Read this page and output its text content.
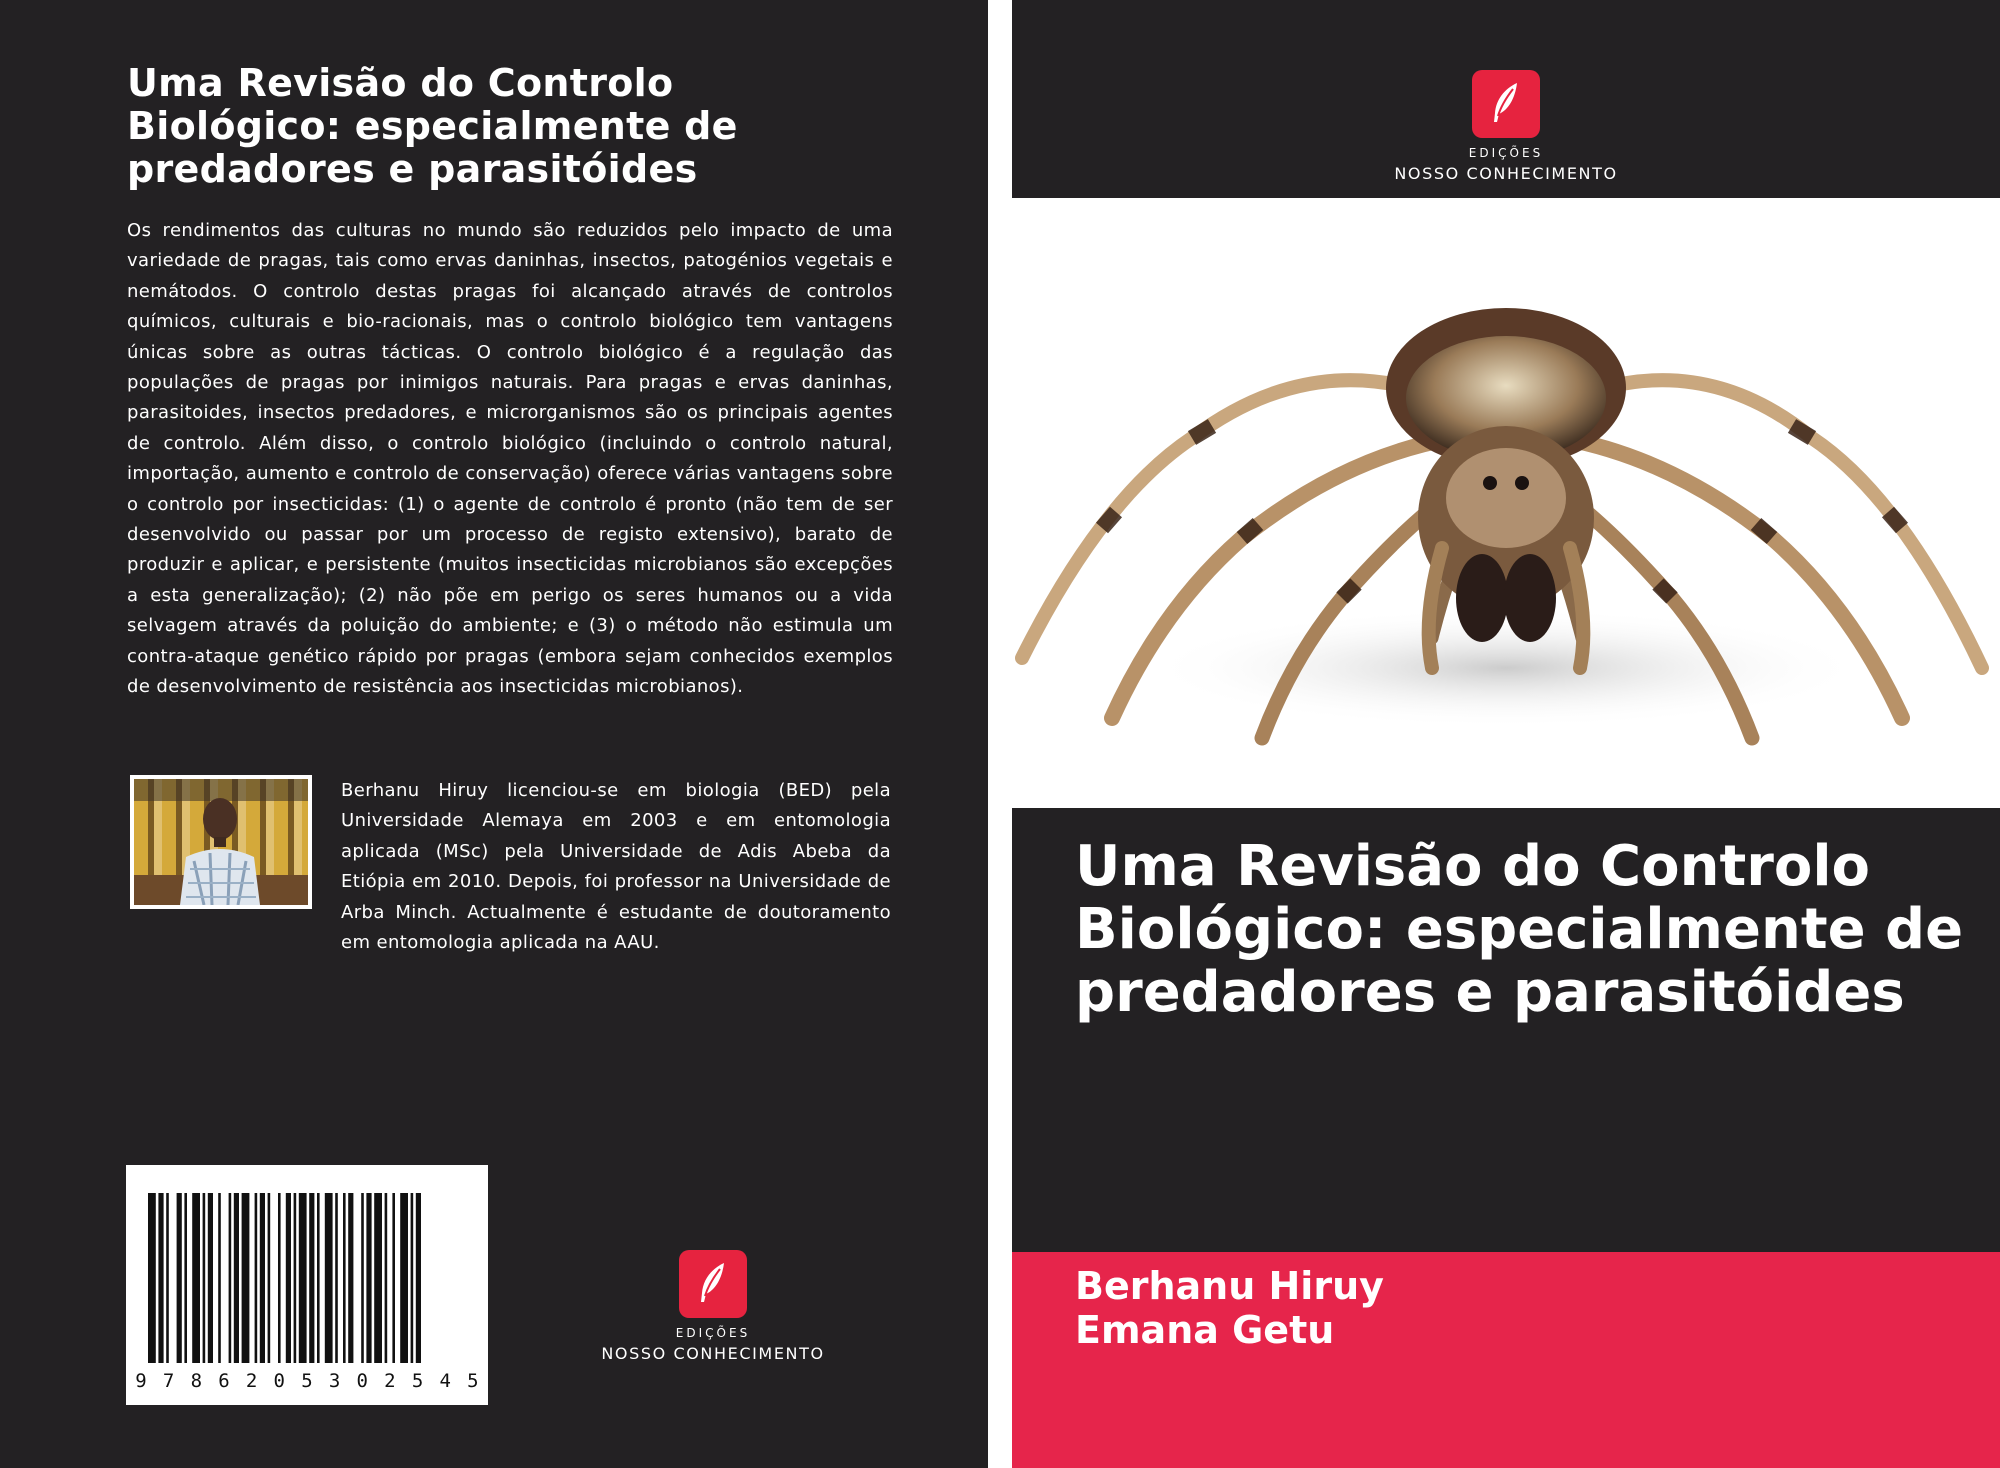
Uma Revisão do Controlo Biológico: especialmente de predadores e parasitóides

Os rendimentos das culturas no mundo são reduzidos pelo impacto de uma variedade de pragas, tais como ervas daninhas, insectos, patogénios vegetais e nemátodos. O controlo destas pragas foi alcançado através de controlos químicos, culturais e bio-racionais, mas o controlo biológico tem vantagens únicas sobre as outras tácticas. O controlo biológico é a regulação das populações de pragas por inimigos naturais. Para pragas e ervas daninhas, parasitoides, insectos predadores, e microrganismos são os principais agentes de controlo. Além disso, o controlo biológico (incluindo o controlo natural, importação, aumento e controlo de conservação) oferece várias vantagens sobre o controlo por insecticidas: (1) o agente de controlo é pronto (não tem de ser desenvolvido ou passar por um processo de registo extensivo), barato de produzir e aplicar, e persistente (muitos insecticidas microbianos são excepções a esta generalização); (2) não põe em perigo os seres humanos ou a vida selvagem através da poluição do ambiente; e (3) o método não estimula um contra-ataque genético rápido por pragas (embora sejam conhecidos exemplos de desenvolvimento de resistência aos insecticidas microbianos).

Berhanu Hiruy licenciou-se em biologia (BED) pela Universidade Alemaya em 2003 e em entomologia aplicada (MSc) pela Universidade de Adis Abeba da Etiópia em 2010. Depois, foi professor na Universidade de Arba Minch. Actualmente é estudante de doutoramento em entomologia aplicada na AAU.

9 7 8 6 2 0 5 3 0 2 5 4 5
EDIÇÕES
NOSSO CONHECIMENTO
EDIÇÕES
NOSSO CONHECIMENTO
Uma Revisão do Controlo Biológico: especialmente de predadores e parasitóides
Berhanu Hiruy
Emana Getu
